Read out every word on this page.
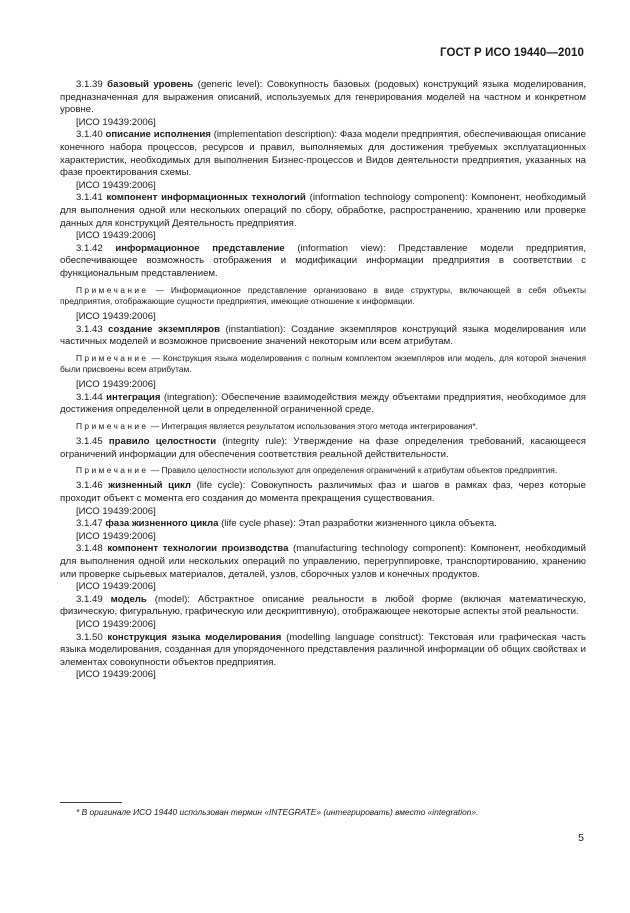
ГОСТ Р ИСО 19440—2010

3.1.39 базовый уровень (generic level): Совокупность базовых (родовых) конструкций языка моделирования, предназначенная для выражения описаний, используемых для генерирования моделей на частном и конкретном уровне.

[ИСО 19439:2006]

3.1.40 описание исполнения (implementation description): Фаза модели предприятия, обеспечивающая описание конечного набора процессов, ресурсов и правил, выполняемых для достижения требуемых эксплуатационных характеристик, необходимых для выполнения Бизнес-процессов и Видов деятельности предприятия, указанных на фазе проектирования схемы.

[ИСО 19439:2006]

3.1.41 компонент информационных технологий (information technology component): Компонент, необходимый для выполнения одной или нескольких операций по сбору, обработке, распространению, хранению или проверке данных для конструкций Деятельность предприятия.

[ИСО 19439:2006]

3.1.42 информационное представление (information view): Представление модели предприятия, обеспечивающее возможность отображения и модификации информации предприятия в соответствии с функциональным представлением.

Примечание — Информационное представление организовано в виде структуры, включающей в себя объекты предприятия, отображающие сущности предприятия, имеющие отношение к информации.

[ИСО 19439:2006]

3.1.43 создание экземпляров (instantiation): Создание экземпляров конструкций языка моделирования или частичных моделей и возможное присвоение значений некоторым или всем атрибутам.

Примечание — Конструкция языка моделирования с полным комплектом экземпляров или модель, для которой значения были присвоены всем атрибутам.

[ИСО 19439:2006]

3.1.44 интеграция (integration): Обеспечение взаимодействия между объектами предприятия, необходимое для достижения определенной цели в определенной ограниченной среде.

Примечание — Интеграция является результатом использования этого метода интегрирования*.

3.1.45 правило целостности (integrity rule): Утверждение на фазе определения требований, касающееся ограничений информации для обеспечения соответствия реальной действительности.

Примечание — Правило целостности используют для определения ограничений к атрибутам объектов предприятия.

3.1.46 жизненный цикл (life cycle): Совокупность различимых фаз и шагов в рамках фаз, через которые проходит объект с момента его создания до момента прекращения существования.

[ИСО 19439:2006]

3.1.47 фаза жизненного цикла (life cycle phase): Этап разработки жизненного цикла объекта.

[ИСО 19439:2006]

3.1.48 компонент технологии производства (manufacturing technology component): Компонент, необходимый для выполнения одной или нескольких операций по управлению, перегруппировке, транспортированию, хранению или проверке сырьевых материалов, деталей, узлов, сборочных узлов и конечных продуктов.

[ИСО 19439:2006]

3.1.49 модель (model): Абстрактное описание реальности в любой форме (включая математическую, физическую, фигуральную, графическую или дескриптивную), отображающее некоторые аспекты этой реальности.

[ИСО 19439:2006]

3.1.50 конструкция языка моделирования (modelling language construct): Текстовая или графическая часть языка моделирования, созданная для упорядоченного представления различной информации об общих свойствах и элементах совокупности объектов предприятия.

[ИСО 19439:2006]

* В оригинале ИСО 19440 использован термин «INTEGRATE» (интегрировать) вместо «integration».
5
